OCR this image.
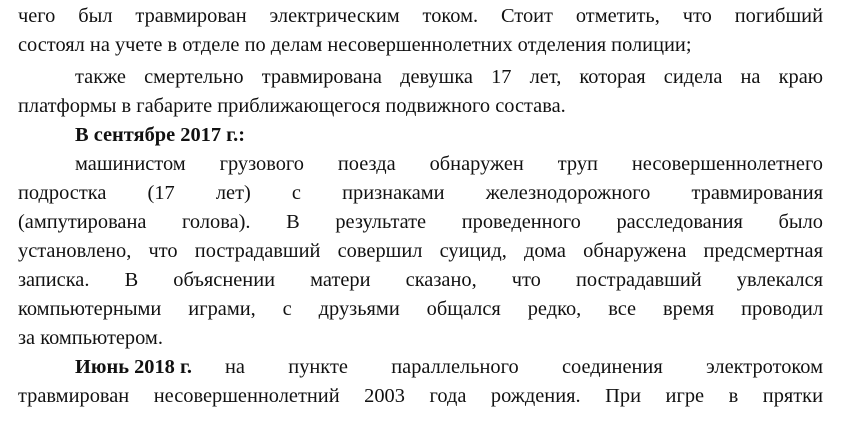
чего был травмирован электрическим током. Стоит отметить, что погибший
состоял на учете в отделе по делам несовершеннолетних отделения полиции;
также смертельно травмирована девушка 17 лет, которая сидела на краю
платформы в габарите приближающегося подвижного состава.
В сентябре 2017 г.:
машинистом грузового поезда обнаружен труп несовершеннолетнего
подростка (17 лет) с признаками железнодорожного травмирования
(ампутирована голова). В результате проведенного расследования было
установлено, что пострадавший совершил суицид, дома обнаружена предсмертная
записка. В объяснении матери сказано, что пострадавший увлекался
компьютерными играми, с друзьями общался редко, все время проводил
за компьютером.
Июнь 2018 г.	на пункте параллельного соединения электротоком
травмирован несовершеннолетний 2003 года рождения. При игре в прятки
